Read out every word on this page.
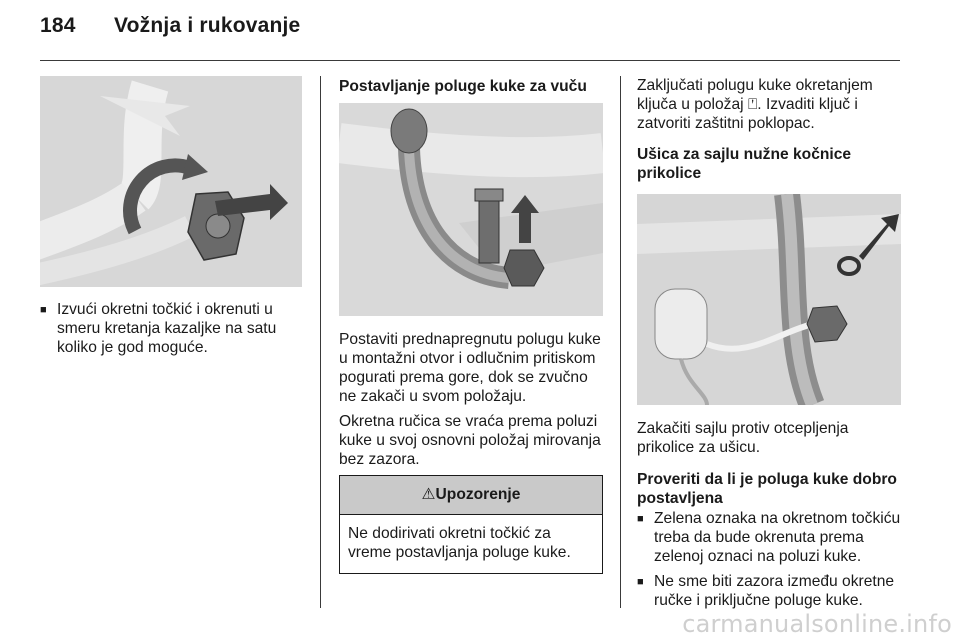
184 Vožnja i rukovanje
■ Izvući okretni točkić i okrenuti u smeru kretanja kazaljke na satu koliko je god moguće.
Postavljanje poluge kuke za vuču

Postaviti prednapregnutu polugu kuke u montažni otvor i odlučnim pritiskom pogurati prema gore, dok se zvučno ne zakači u svom položaju.

Okretna ručica se vraća prema poluzi kuke u svoj osnovni položaj mirovanja bez zazora.

⚠Upozorenje
Ne dodirivati okretni točkić za vreme postavljanja poluge kuke.

Zaključati polugu kuke okretanjem ključa u položaj ⍞. Izvaditi ključ i zatvoriti zaštitni poklopac.

Ušica za sajlu nužne kočnice prikolice

Zakačiti sajlu protiv otcepljenja prikolice za ušicu.

Proveriti da li je poluga kuke dobro postavljena
■ Zelena oznaka na okretnom točkiću treba da bude okrenuta prema zelenoj oznaci na poluzi kuke.
■ Ne sme biti zazora između okretne ručke i priključne poluge kuke.
carmanualsonline.info
